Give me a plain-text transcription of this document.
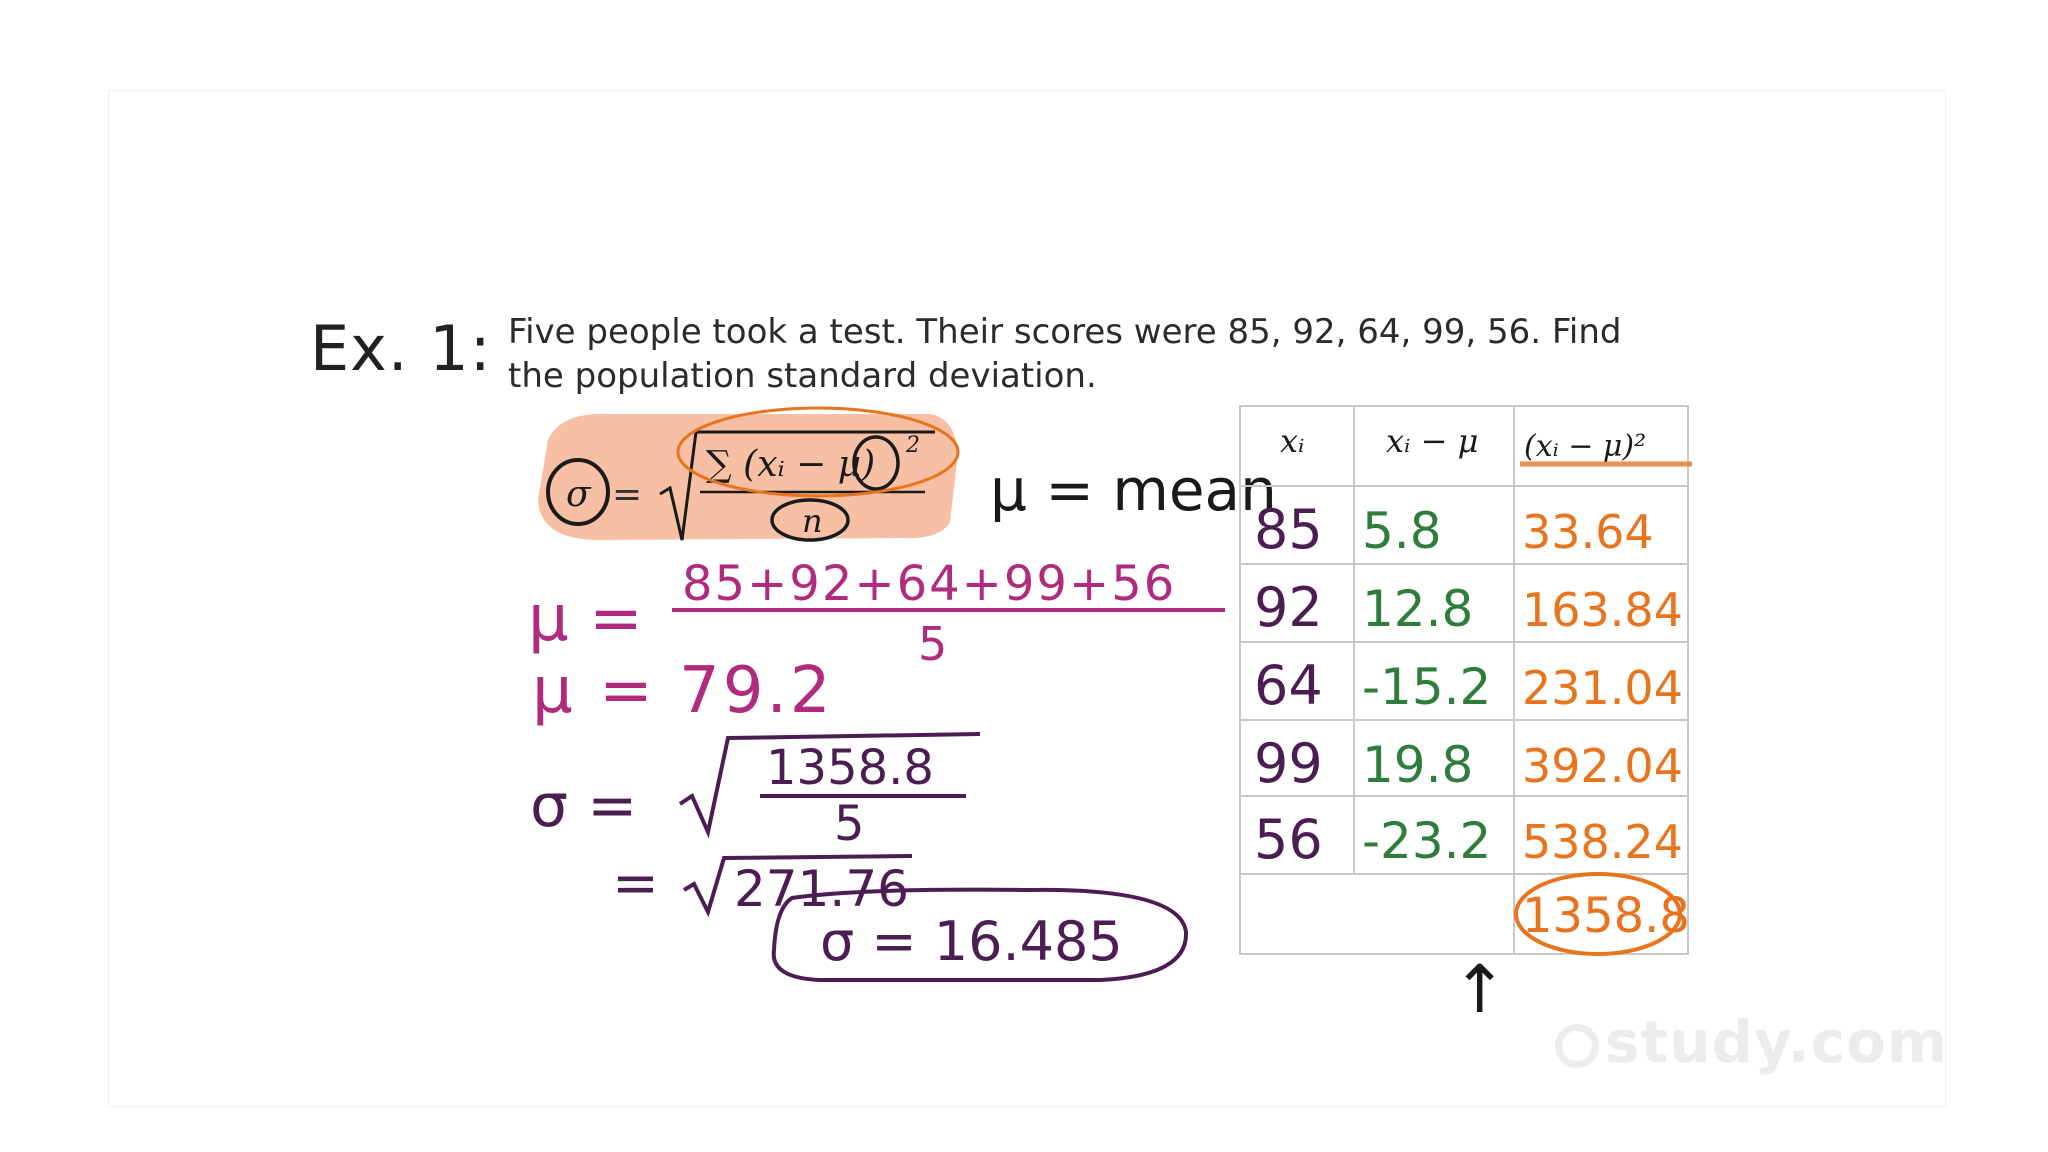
Ex. 1: Five people took a test. Their scores were 85, 92, 64, 99, 56. Find the population standard deviation.
σ =
∑ (xᵢ − μ) 2
n	μ = mean
μ = 85+92+64+99+56
5
μ = 79.2
σ =
1358.8
5
= 271.76
σ = 16.485
xᵢ	xᵢ − μ (xᵢ − μ)²
85 5.8 33.64
92 12.8 163.84
64 -15.2 231.04
99 19.8 392.04
56 -23.2 538.24
1358.8
↑
study.com
